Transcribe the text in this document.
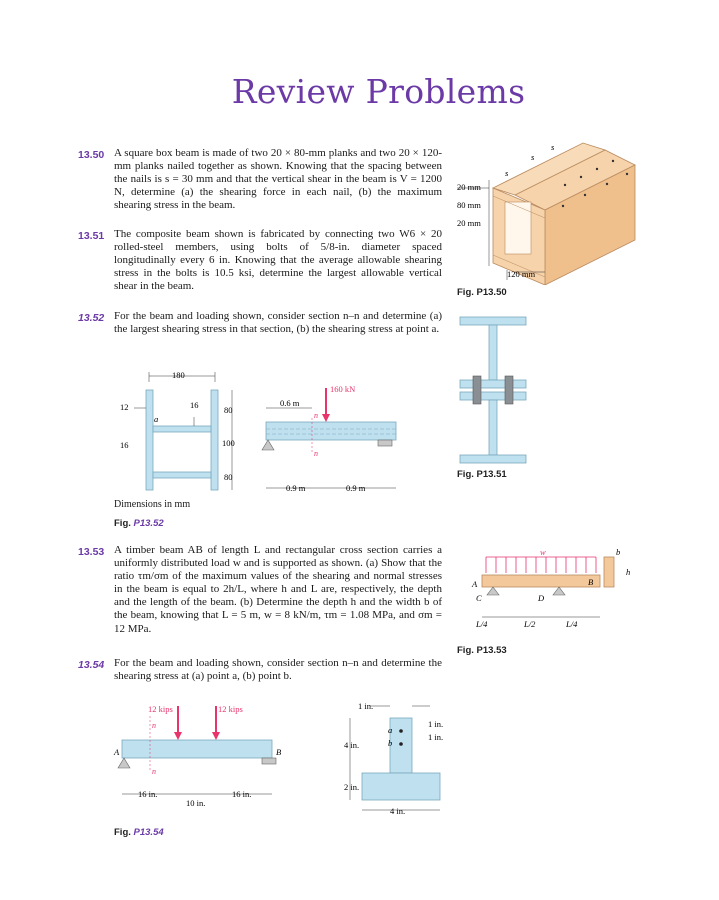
Review Problems
13.50 A square box beam is made of two 20 × 80-mm planks and two 20 × 120-mm planks nailed together as shown. Knowing that the spacing between the nails is s = 30 mm and that the vertical shear in the beam is V = 1200 N, determine (a) the shearing force in each nail, (b) the maximum shearing stress in the beam.

13.51 The composite beam shown is fabricated by connecting two W6 × 20 rolled-steel members, using bolts of 5/8-in. diameter spaced longitudinally every 6 in. Knowing that the average allowable shearing stress in the bolts is 10.5 ksi, determine the largest allowable vertical shear in the beam.

13.52 For the beam and loading shown, consider section n–n and determine (a) the largest shearing stress in that section, (b) the shearing stress at point a.

13.53 A timber beam AB of length L and rectangular cross section carries a uniformly distributed load w and is supported as shown. (a) Show that the ratio τm/σm of the maximum values of the shearing and normal stresses in the beam is equal to 2h/L, where h and L are, respectively, the depth and the length of the beam. (b) Determine the depth h and the width b of the beam, knowing that L = 5 m, w = 8 kN/m, τm = 1.08 MPa, and σm = 12 MPa.

13.54 For the beam and loading shown, consider section n–n and determine the shearing stress at (a) point a, (b) point b.

20 mm
80 mm
20 mm
120 mm
s
s
s
Fig. P13.50
Fig. P13.51
180
12	16	80
100
80
16
a
160 kN
0.6 m
n
n
0.9 m	0.9 m
Dimensions in mm
Fig. P13.52
w
A	B
C	D
L/4	L/2	L/4
b
h
Fig. P13.53
12 kips	12 kips
n
n
A	B
16 in.
10 in.
16 in.
1 in.
1 in.
1 in.
4 in.
a
b
2 in.
4 in.
Fig. P13.54
